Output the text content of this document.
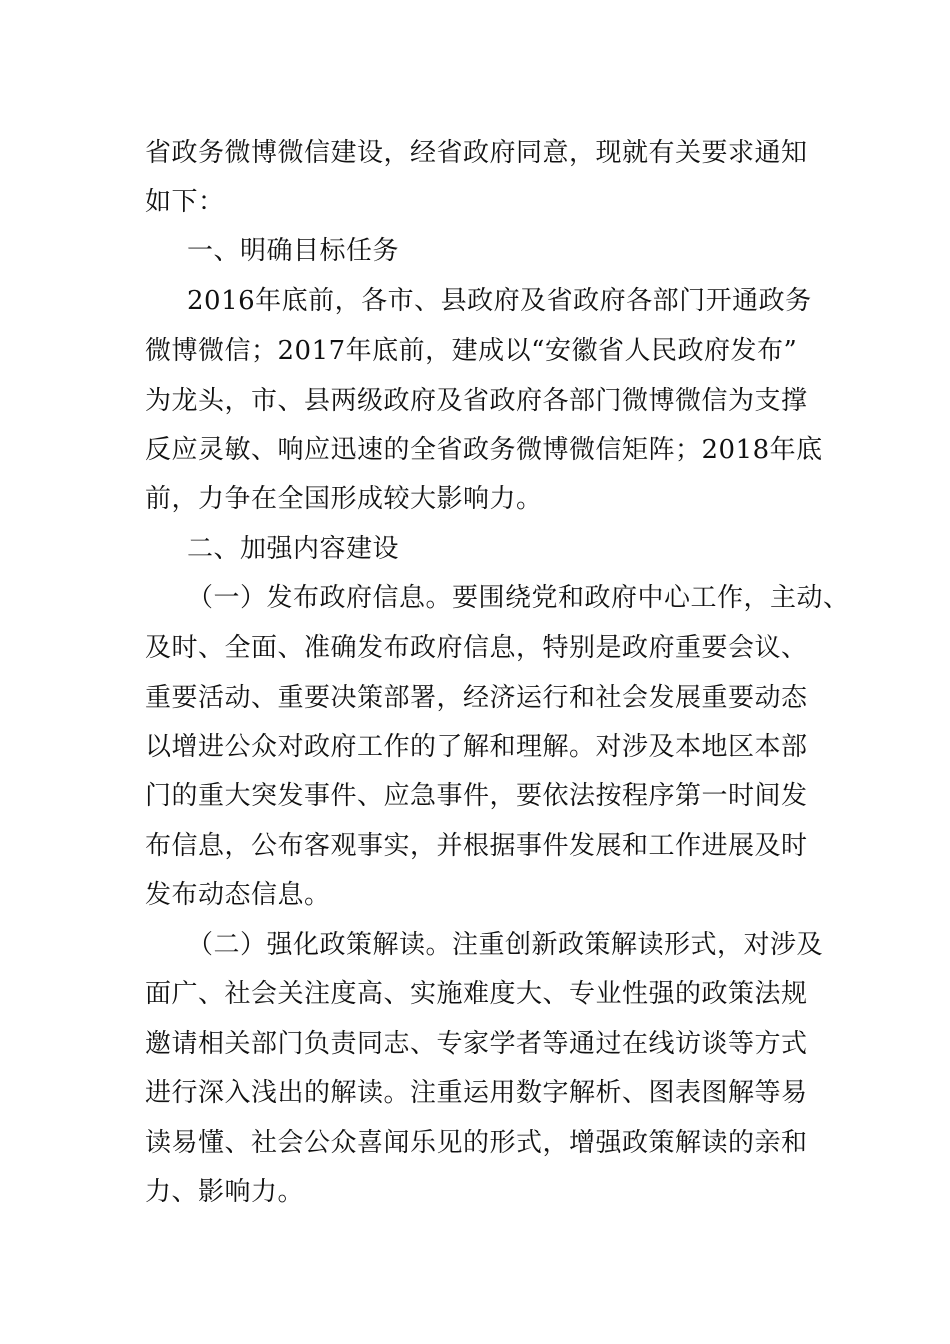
省政务微博微信建设，经省政府同意，现就有关要求通知
如下：
一、明确目标任务
2016年底前，各市、县政府及省政府各部门开通政务
微博微信；2017年底前，建成以“安徽省人民政府发布”
为龙头，市、县两级政府及省政府各部门微博微信为支撑
反应灵敏、响应迅速的全省政务微博微信矩阵；2018年底
前，力争在全国形成较大影响力。
二、加强内容建设
（一）发布政府信息。要围绕党和政府中心工作，主动、
及时、全面、准确发布政府信息，特别是政府重要会议、
重要活动、重要决策部署，经济运行和社会发展重要动态
以增进公众对政府工作的了解和理解。对涉及本地区本部
门的重大突发事件、应急事件，要依法按程序第一时间发
布信息，公布客观事实，并根据事件发展和工作进展及时
发布动态信息。
（二）强化政策解读。注重创新政策解读形式，对涉及
面广、社会关注度高、实施难度大、专业性强的政策法规
邀请相关部门负责同志、专家学者等通过在线访谈等方式
进行深入浅出的解读。注重运用数字解析、图表图解等易
读易懂、社会公众喜闻乐见的形式，增强政策解读的亲和
力、影响力。
